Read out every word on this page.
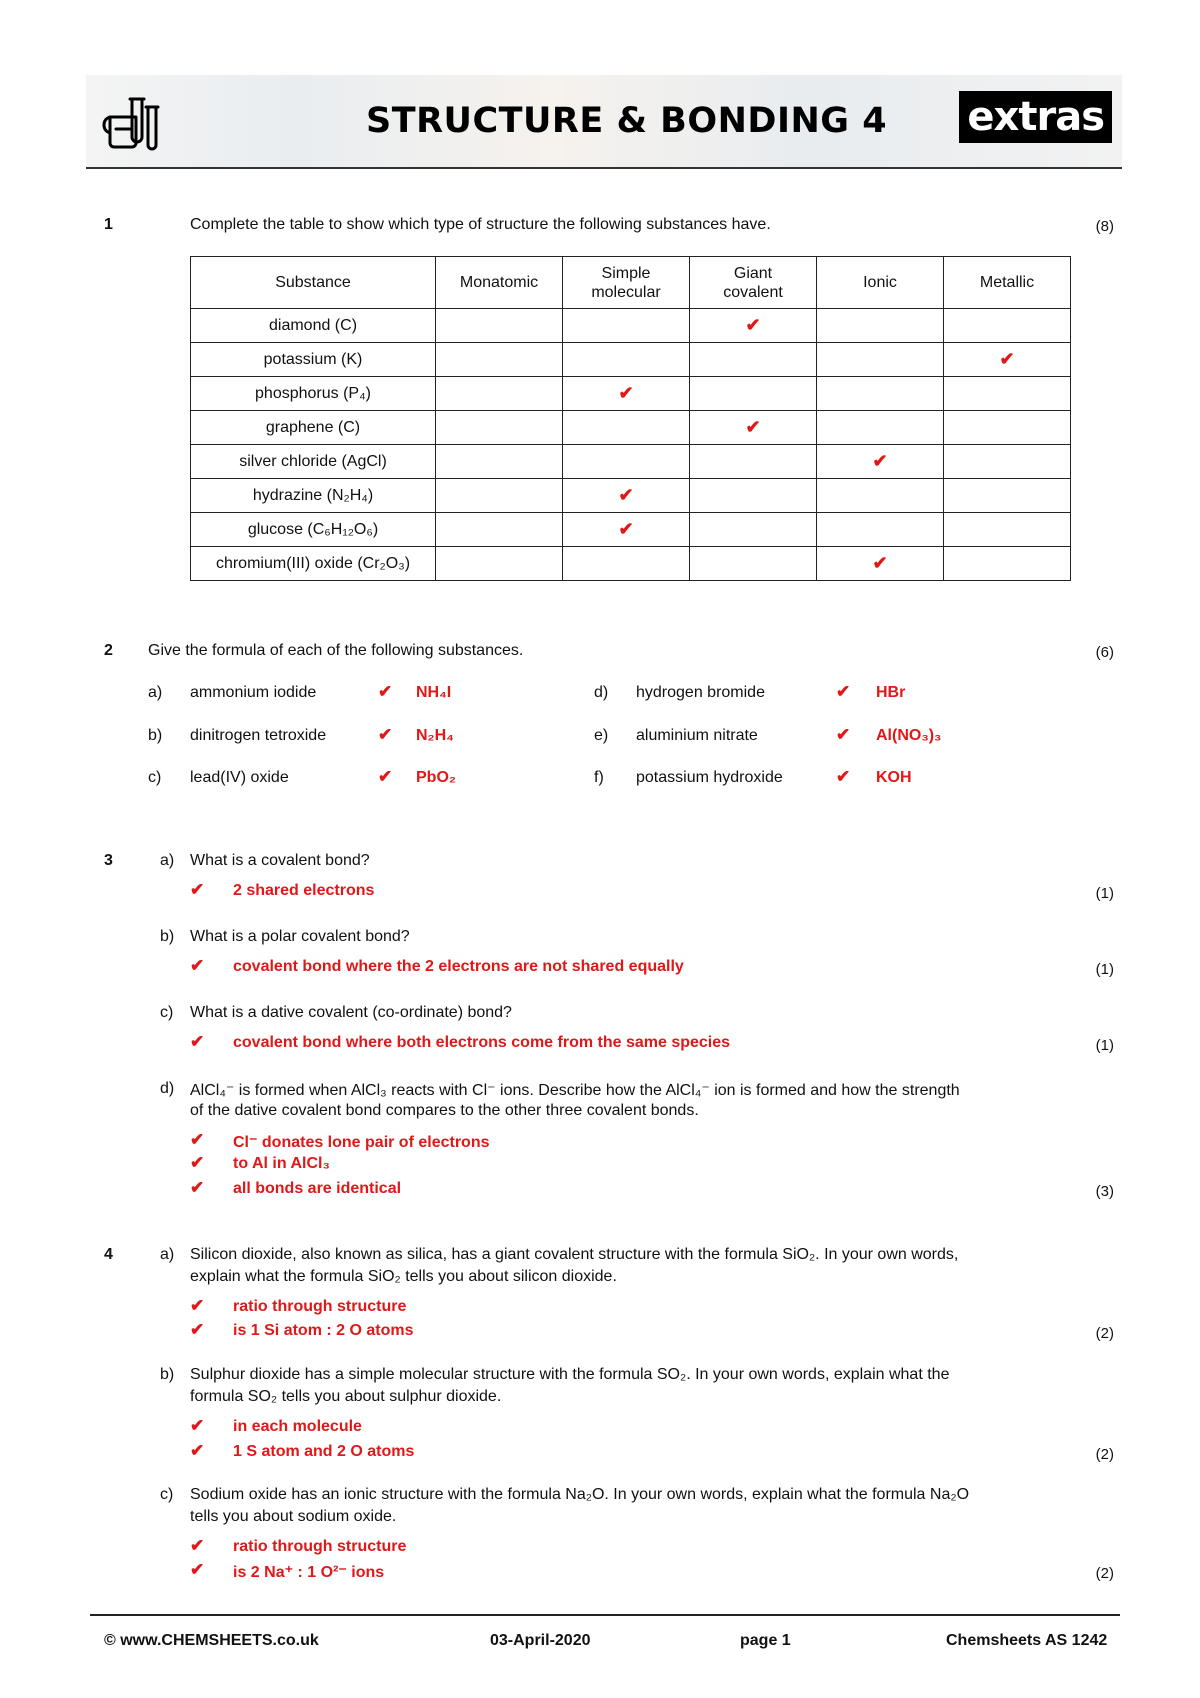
STRUCTURE & BONDING 4 extras
1	Complete the table to show which type of structure the following substances have.	(8)
Substance	Monatomic	Simple molecular	Giant covalent	Ionic	Metallic
diamond (C)			✔		
potassium (K)					✔
phosphorus (P₄)		✔			
graphene (C)			✔		
silver chloride (AgCl)				✔	
hydrazine (N₂H₄)		✔			
glucose (C₆H₁₂O₆)		✔			
chromium(III) oxide (Cr₂O₃)				✔	
2 Give the formula of each of the following substances.	(6)
a) ammonium iodide	✔ NH₄I
b) dinitrogen tetroxide	✔ N₂H₄
c) lead(IV) oxide	✔ PbO₂
d) hydrogen bromide	✔ HBr
e) aluminium nitrate	✔ Al(NO₃)₃
f) potassium hydroxide	✔ KOH
3	a) What is a covalent bond?
✔ 2 shared electrons	(1)
b) What is a polar covalent bond?
✔ covalent bond where the 2 electrons are not shared equally	(1)
c) What is a dative covalent (co-ordinate) bond?
✔ covalent bond where both electrons come from the same species	(1)
d) AlCl₄⁻ is formed when AlCl₃ reacts with Cl⁻ ions. Describe how the AlCl₄⁻ ion is formed and how the strength
of the dative covalent bond compares to the other three covalent bonds.
✔ Cl⁻ donates lone pair of electrons
✔ to Al in AlCl₃
✔ all bonds are identical	(3)
4	a) Silicon dioxide, also known as silica, has a giant covalent structure with the formula SiO₂. In your own words,
explain what the formula SiO₂ tells you about silicon dioxide.
✔ ratio through structure
✔ is 1 Si atom : 2 O atoms	(2)
b) Sulphur dioxide has a simple molecular structure with the formula SO₂. In your own words, explain what the
formula SO₂ tells you about sulphur dioxide.
✔ in each molecule
✔ 1 S atom and 2 O atoms	(2)
c) Sodium oxide has an ionic structure with the formula Na₂O. In your own words, explain what the formula Na₂O
tells you about sodium oxide.
✔ ratio through structure
✔ is 2 Na⁺ : 1 O²⁻ ions	(2)
© www.CHEMSHEETS.co.uk	03-April-2020	page 1	Chemsheets AS 1242
